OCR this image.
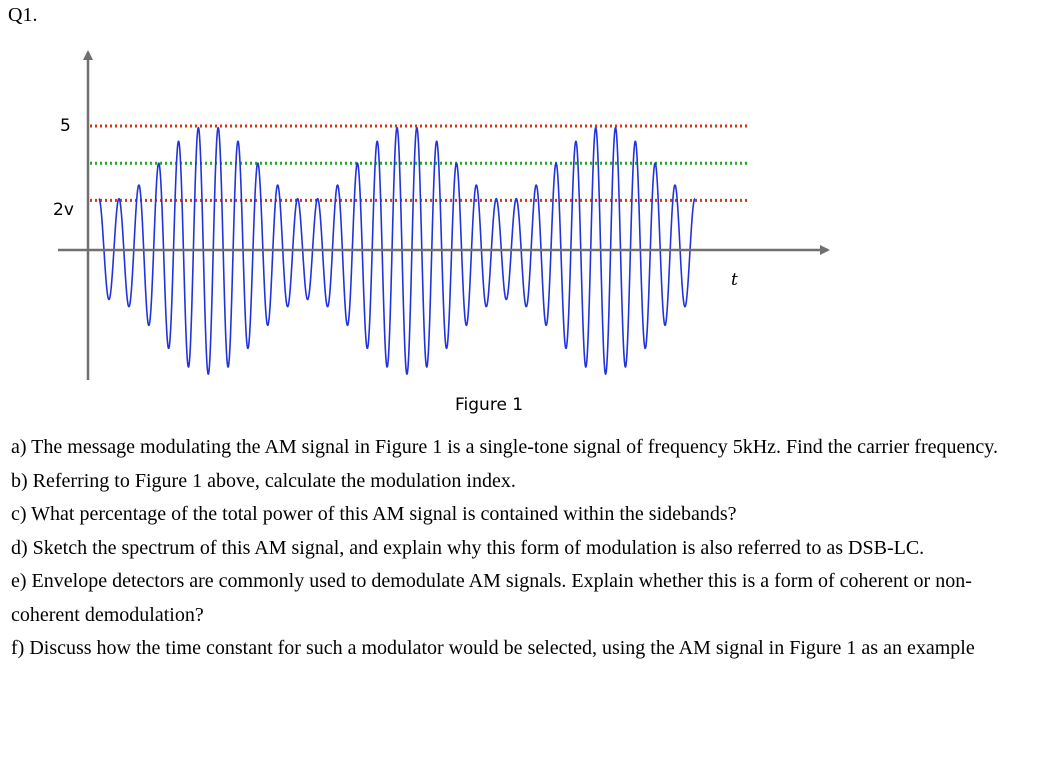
Q1.
5
2v
t
Figure 1

a) The message modulating the AM signal in Figure 1 is a single-tone signal of frequency 5kHz. Find the carrier frequency.

b) Referring to Figure 1 above, calculate the modulation index.

c) What percentage of the total power of this AM signal is contained within the sidebands?

d) Sketch the spectrum of this AM signal, and explain why this form of modulation is also referred to as DSB-LC.

e) Envelope detectors are commonly used to demodulate AM signals. Explain whether this is a form of coherent or non-coherent demodulation?

f) Discuss how the time constant for such a modulator would be selected, using the AM signal in Figure 1 as an example
